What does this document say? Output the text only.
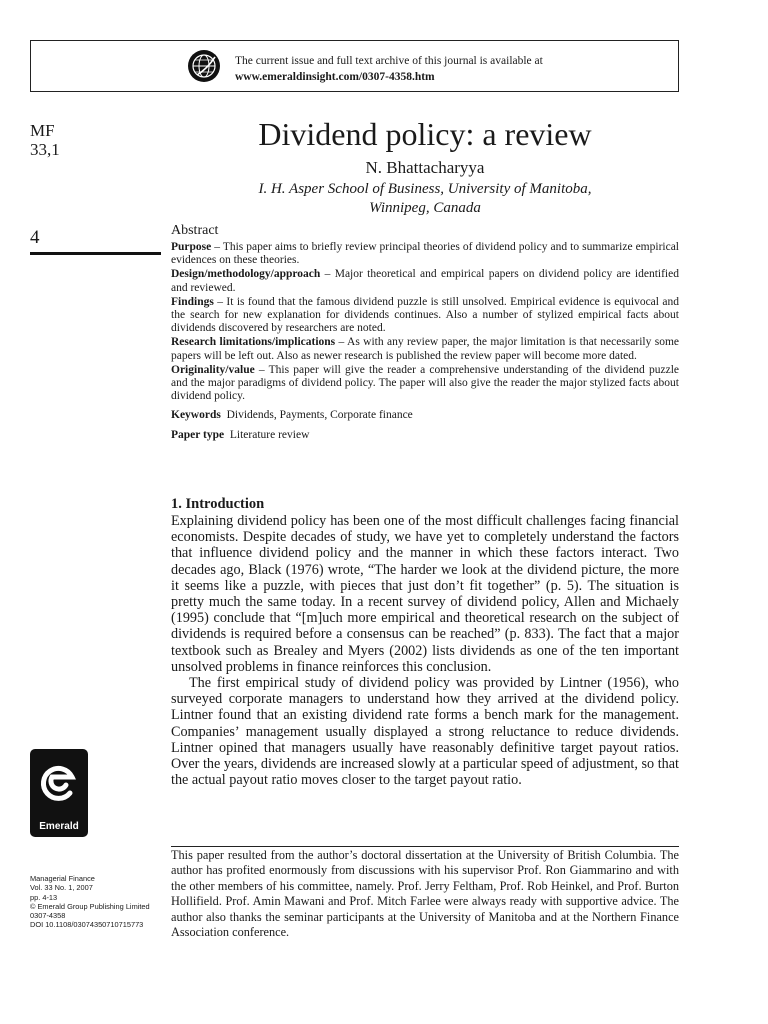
The current issue and full text archive of this journal is available at
www.emeraldinsight.com/0307-4358.htm
MF
33,1
4
Dividend policy: a review
N. Bhattacharyya
I. H. Asper School of Business, University of Manitoba,
Winnipeg, Canada
Abstract

Purpose – This paper aims to briefly review principal theories of dividend policy and to summarize empirical evidences on these theories.

Design/methodology/approach – Major theoretical and empirical papers on dividend policy are identified and reviewed.

Findings – It is found that the famous dividend puzzle is still unsolved. Empirical evidence is equivocal and the search for new explanation for dividends continues. Also a number of stylized empirical facts about dividends discovered by researchers are noted.

Research limitations/implications – As with any review paper, the major limitation is that necessarily some papers will be left out. Also as newer research is published the review paper will become more dated.

Originality/value – This paper will give the reader a comprehensive understanding of the dividend puzzle and the major paradigms of dividend policy. The paper will also give the reader the major stylized facts about dividend policy.

Keywords Dividends, Payments, Corporate finance

Paper type Literature review

1. Introduction

Explaining dividend policy has been one of the most difficult challenges facing financial economists. Despite decades of study, we have yet to completely understand the factors that influence dividend policy and the manner in which these factors interact. Two decades ago, Black (1976) wrote, “The harder we look at the dividend picture, the more it seems like a puzzle, with pieces that just don’t fit together” (p. 5). The situation is pretty much the same today. In a recent survey of dividend policy, Allen and Michaely (1995) conclude that “[m]uch more empirical and theoretical research on the subject of dividends is required before a consensus can be reached” (p. 833). The fact that a major textbook such as Brealey and Myers (2002) lists dividends as one of the ten important unsolved problems in finance reinforces this conclusion.

The first empirical study of dividend policy was provided by Lintner (1956), who surveyed corporate managers to understand how they arrived at the dividend policy. Lintner found that an existing dividend rate forms a bench mark for the management. Companies’ management usually displayed a strong reluctance to reduce dividends. Lintner opined that managers usually have reasonably definitive target payout ratios. Over the years, dividends are increased slowly at a particular speed of adjustment, so that the actual payout ratio moves closer to the target payout ratio.

Emerald
This paper resulted from the author’s doctoral dissertation at the University of British Columbia. The author has profited enormously from discussions with his supervisor Prof. Ron Giammarino and with the other members of his committee, namely. Prof. Jerry Feltham, Prof. Rob Heinkel, and Prof. Burton Hollifield. Prof. Amin Mawani and Prof. Mitch Farlee were always ready with supportive advice. The author also thanks the seminar participants at the University of Manitoba and at the Northern Finance Association conference.
Managerial Finance
Vol. 33 No. 1, 2007
pp. 4-13
© Emerald Group Publishing Limited
0307-4358
DOI 10.1108/03074350710715773
